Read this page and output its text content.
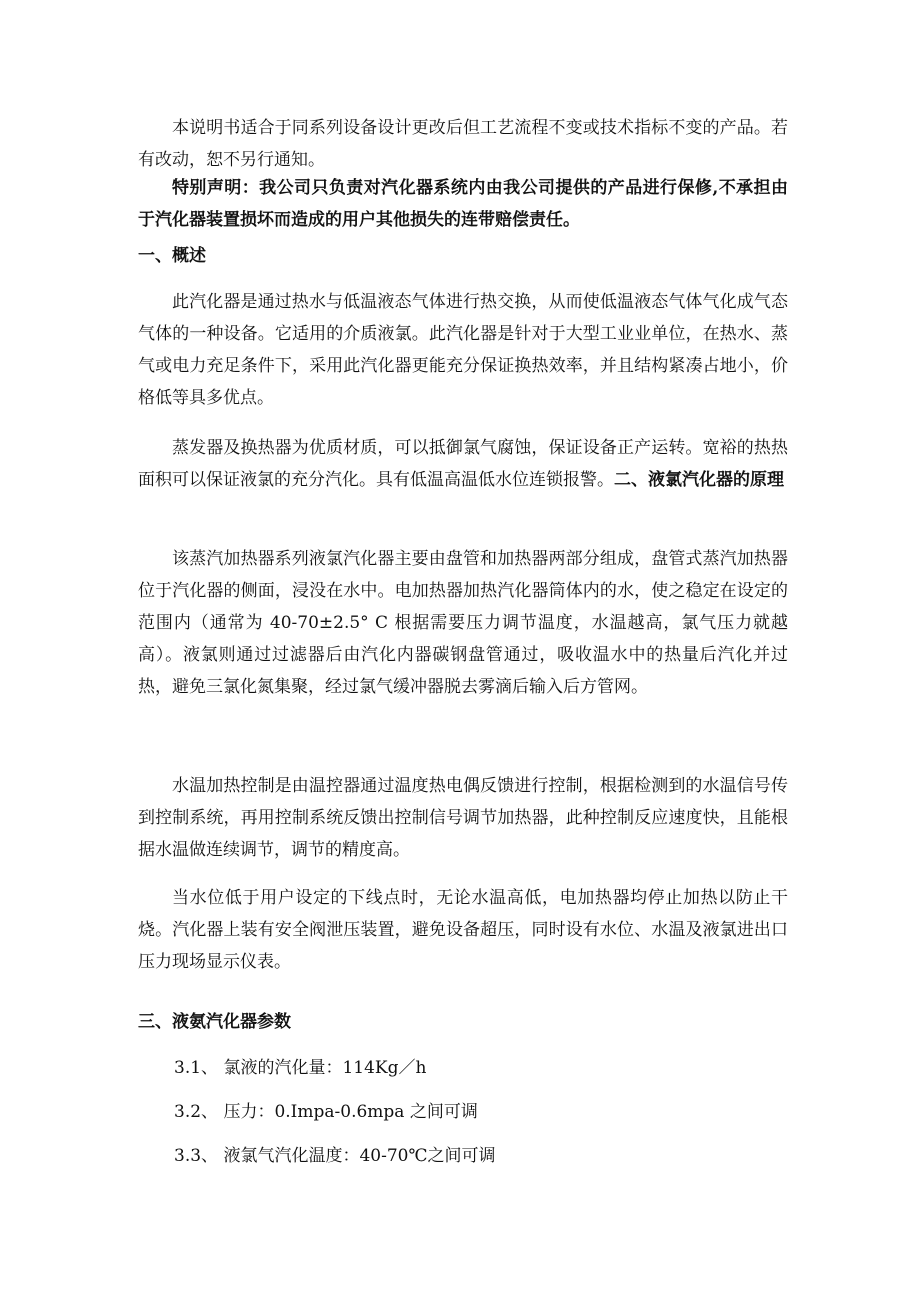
本说明书适合于同系列设备设计更改后但工艺流程不变或技术指标不变的产品。若有改动，恕不另行通知。

特别声明：我公司只负责对汽化器系统内由我公司提供的产品进行保修,不承担由于汽化器装置损坏而造成的用户其他损失的连带赔偿责任。

一、概述

此汽化器是通过热水与低温液态气体进行热交换，从而使低温液态气体气化成气态气体的一种设备。它适用的介质液氯。此汽化器是针对于大型工业业单位，在热水、蒸气或电力充足条件下，采用此汽化器更能充分保证换热效率，并且结构紧凑占地小，价格低等具多优点。

蒸发器及换热器为优质材质，可以抵御氯气腐蚀，保证设备正产运转。宽裕的热热面积可以保证液氯的充分汽化。具有低温高温低水位连锁报警。二、液氯汽化器的原理

该蒸汽加热器系列液氯汽化器主要由盘管和加热器两部分组成，盘管式蒸汽加热器位于汽化器的侧面，浸没在水中。电加热器加热汽化器筒体内的水，使之稳定在设定的范围内（通常为 40-70±2.5° C 根据需要压力调节温度，水温越高，氯气压力就越高）。液氯则通过过滤器后由汽化内器碳钢盘管通过，吸收温水中的热量后汽化并过热，避免三氯化氮集聚，经过氯气缓冲器脱去雾滴后输入后方管网。

水温加热控制是由温控器通过温度热电偶反馈进行控制，根据检测到的水温信号传到控制系统，再用控制系统反馈出控制信号调节加热器，此种控制反应速度快，且能根据水温做连续调节，调节的精度高。

当水位低于用户设定的下线点时，无论水温高低，电加热器均停止加热以防止干烧。汽化器上装有安全阀泄压装置，避免设备超压，同时设有水位、水温及液氯进出口压力现场显示仪表。

三、液氨汽化器参数

3.1、 氯液的汽化量：114Kg／h

3.2、 压力：0.Impa-0.6mpa 之间可调

3.3、 液氯气汽化温度：40-70℃之间可调
